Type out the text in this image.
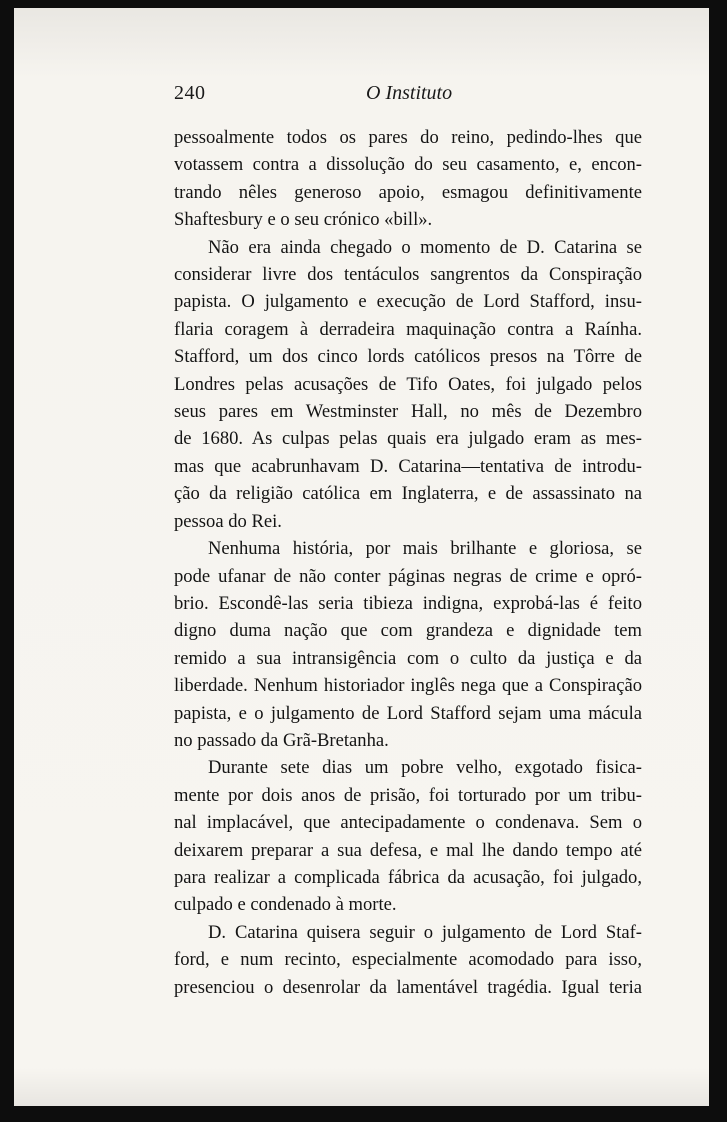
240	O Instituto
pessoalmente todos os pares do reino, pedindo-lhes que
votassem contra a dissolução do seu casamento, e, encon-
trando nêles generoso apoio, esmagou definitivamente
Shaftesbury e o seu crónico «bill».
Não era ainda chegado o momento de D. Catarina se
considerar livre dos tentáculos sangrentos da Conspiração
papista. O julgamento e execução de Lord Stafford, insu-
flaria coragem à derradeira maquinação contra a Raínha.
Stafford, um dos cinco lords católicos presos na Tôrre de
Londres pelas acusações de Tifo Oates, foi julgado pelos
seus pares em Westminster Hall, no mês de Dezembro
de 1680. As culpas pelas quais era julgado eram as mes-
mas que acabrunhavam D. Catarina—tentativa de introdu-
ção da religião católica em Inglaterra, e de assassinato na
pessoa do Rei.
Nenhuma história, por mais brilhante e gloriosa, se
pode ufanar de não conter páginas negras de crime e opró-
brio. Escondê-las seria tibieza indigna, exprobá-las é feito
digno duma nação que com grandeza e dignidade tem
remido a sua intransigência com o culto da justiça e da
liberdade. Nenhum historiador inglês nega que a Conspiração
papista, e o julgamento de Lord Stafford sejam uma mácula
no passado da Grã-Bretanha.
Durante sete dias um pobre velho, exgotado fisica-
mente por dois anos de prisão, foi torturado por um tribu-
nal implacável, que antecipadamente o condenava. Sem o
deixarem preparar a sua defesa, e mal lhe dando tempo até
para realizar a complicada fábrica da acusação, foi julgado,
culpado e condenado à morte.
D. Catarina quisera seguir o julgamento de Lord Staf-
ford, e num recinto, especialmente acomodado para isso,
presenciou o desenrolar da lamentável tragédia. Igual teria
